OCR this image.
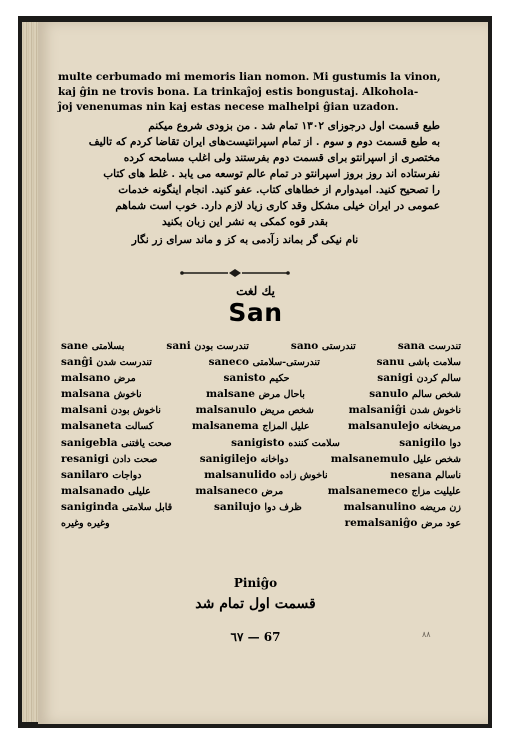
multe cerbumado mi memoris lian nomon. Mi gustumis la vinon,

kaj ĝin ne trovis bona. La trinkaĵoj estis bongustaj. Alkohola-

ĵoj venenumas nin kaj estas necese malhelpi ĝian uzadon.

طبع قسمت اول درجوزای ۱۳۰۲ تمام شد . من بزودی شروع میکنم

به طبع قسمت دوم و سوم . از تمام اسپرانتیست‌های ایران تقاضا کردم که تالیف

مختصری از اسپرانتو برای قسمت دوم بفرستند ولی اغلب مسامحه کرده

نفرستاده اند روز بروز اسپرانتو در تمام عالم توسعه می یابد . غلط های کتاب

را تصحیح کنید. امیدوارم از خطاهای کتاب. عفو کنید. انجام اینگونه خدمات

عمومی در ایران خیلی مشکل وقد کاری زیاد لازم دارد. خوب است شماهم

بقدر قوه کمکی به نشر این زبان بکنید

نام نیکی گر بماند زآدمی به کز و ماند سرای زر نگار

یك لغت
San
sane بسلامتی	sani تندرست بودن	sano تندرستی	sana تندرست
sanĝi تندرست شدن	saneco تندرستی-سلامتی	sanu سلامت باشی
malsano مرض	sanisto حکیم	sanigi سالم کردن
malsana ناخوش	malsane باحال مرض	sanulo شخص سالم
malsani ناخوش بودن	malsanulo شخص مریض	malsaniĝi ناخوش شدن
malsaneta کسالت	malsanema علیل المزاج	malsanulejo مریضخانه
sanigebla صحت یافتنی	sanigisto سلامت کننده	sanigilo دوا
resanigi صحت دادن	sanigilejo دواخانه	malsanemulo شخص علیل
sanilaro دواجات	malsanulido ناخوش زاده	nesana ناسالم
malsanado علیلی	malsaneco مرض	malsanemeco علیلیت مزاج
saniginda قابل سلامتی	sanilujo ظرف دوا	malsanulino زن مریضه
وغیره وغیره	remalsaniĝo عود مرض
Piniĝo
قسمت اول تمام شد
٦٧ — 67	۸۸
